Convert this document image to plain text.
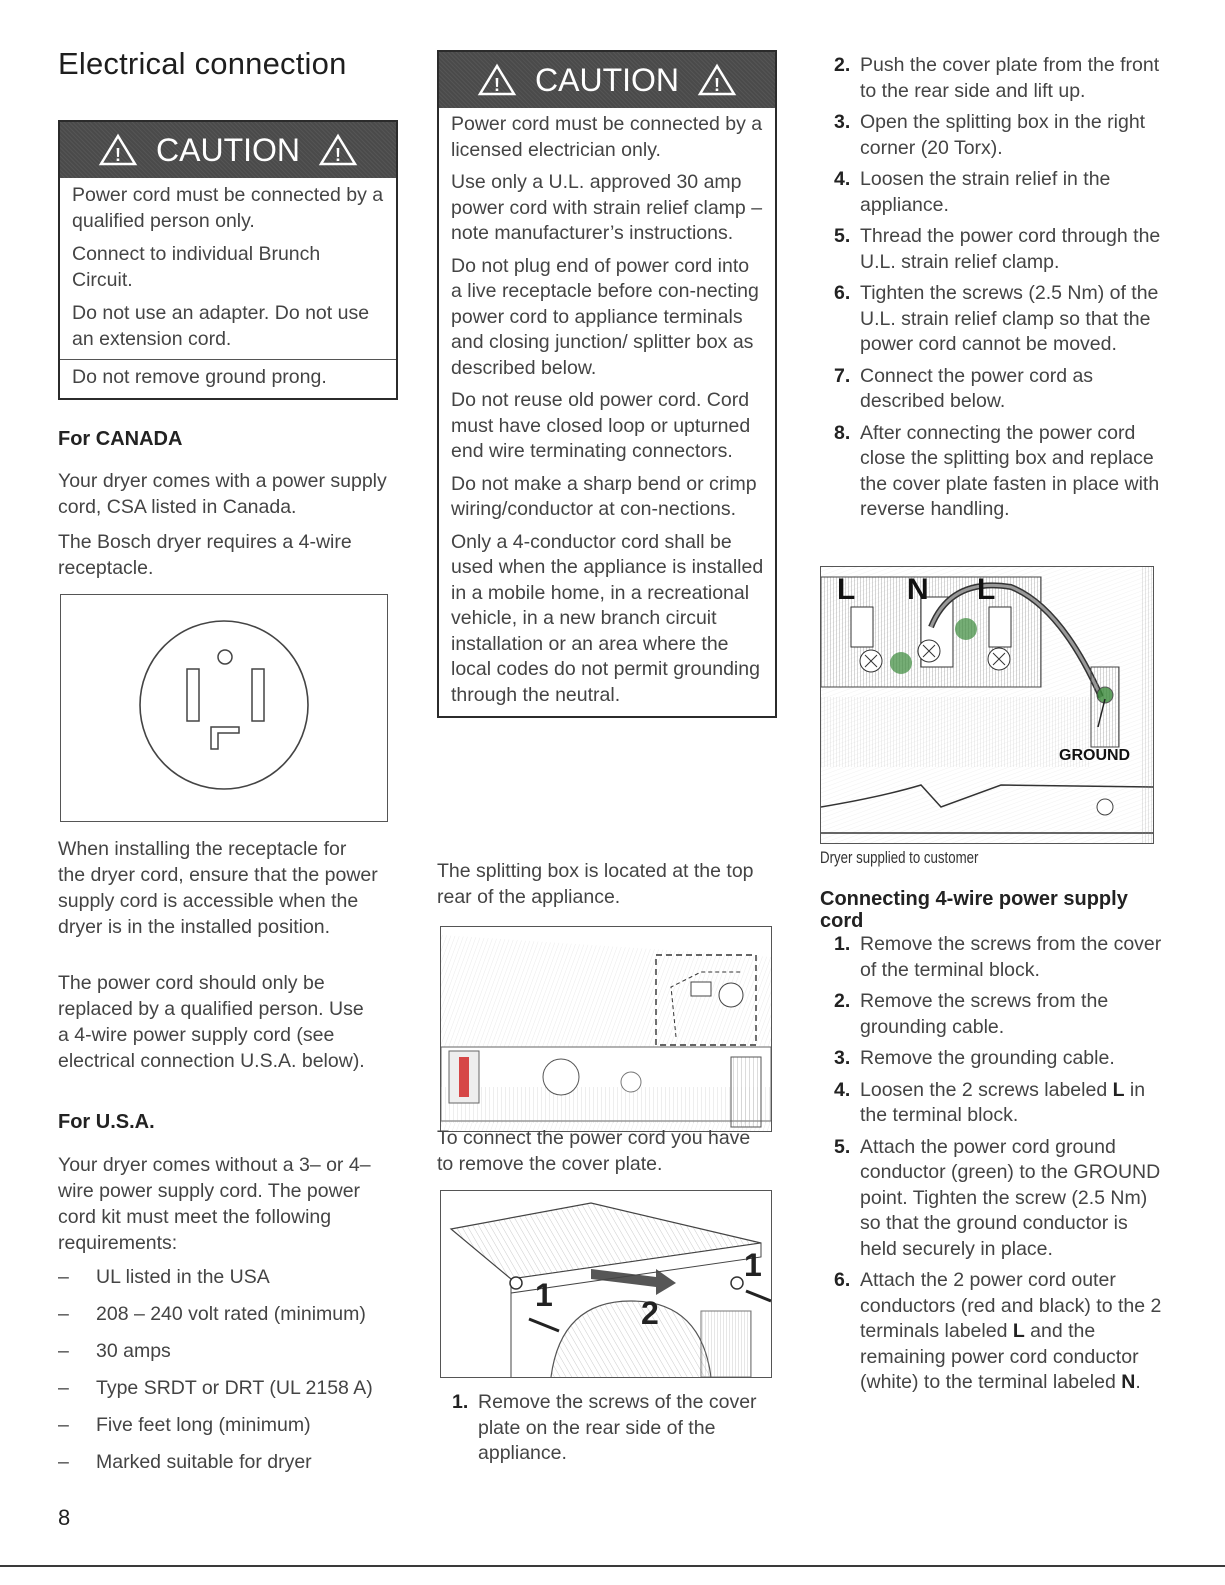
Electrical connection
! CAUTION !

Power cord must be connected by a qualified person only.

Connect to individual Brunch Circuit.

Do not use an adapter. Do not use an extension cord.

Do not remove ground prong.

For CANADA

Your dryer comes with a power supply cord, CSA listed in Canada.

The Bosch dryer requires a 4-wire receptacle.

When installing the receptacle for the dryer cord, ensure that the power supply cord is accessible when the dryer is in the installed position.

The power cord should only be replaced by a qualified person. Use a 4-wire power supply cord (see electrical connection U.S.A. below).

For U.S.A.

Your dryer comes without a 3– or 4– wire power supply cord. The power cord kit must meet the following requirements:

– UL listed in the USA
– 208 – 240 volt rated (minimum)
– 30 amps
– Type SRDT or DRT (UL 2158 A)
– Five feet long (minimum)
– Marked suitable for dryer
8
! CAUTION !

Power cord must be connected by a licensed electrician only.

Use only a U.L. approved 30 amp power cord with strain relief clamp – note manufacturer’s instructions.

Do not plug end of power cord into a live receptacle before con-necting power cord to appliance terminals and closing junction/ splitter box as described below.

Do not reuse old power cord. Cord must have closed loop or upturned end wire terminating connectors.

Do not make a sharp bend or crimp wiring/conductor at con-nections.

Only a 4-conductor cord shall be used when the appliance is installed in a mobile home, in a recreational vehicle, in a new branch circuit installation or an area where the local codes do not permit grounding through the neutral.

The splitting box is located at the top rear of the appliance.

To connect the power cord you have to remove the cover plate.

1	2
1
1. Remove the screws of the cover plate on the rear side of the appliance.
2. Push the cover plate from the front to the rear side and lift up.
3. Open the splitting box in the right corner (20 Torx).
4. Loosen the strain relief in the appliance.
5. Thread the power cord through the U.L. strain relief clamp.
6. Tighten the screws (2.5 Nm) of the U.L. strain relief clamp so that the power cord cannot be moved.
7. Connect the power cord as described below.
8. After connecting the power cord close the splitting box and replace the cover plate fasten in place with reverse handling.
L N L
GROUND
Dryer supplied to customer
Connecting 4-wire power supply cord
1. Remove the screws from the cover of the terminal block.
2. Remove the screws from the grounding cable.
3. Remove the grounding cable.
4. Loosen the 2 screws labeled L in the terminal block.
5. Attach the power cord ground conductor (green) to the GROUND point. Tighten the screw (2.5 Nm) so that the ground conductor is held securely in place.
6. Attach the 2 power cord outer conductors (red and black) to the 2 terminals labeled L and the remaining power cord conductor (white) to the terminal labeled N.
